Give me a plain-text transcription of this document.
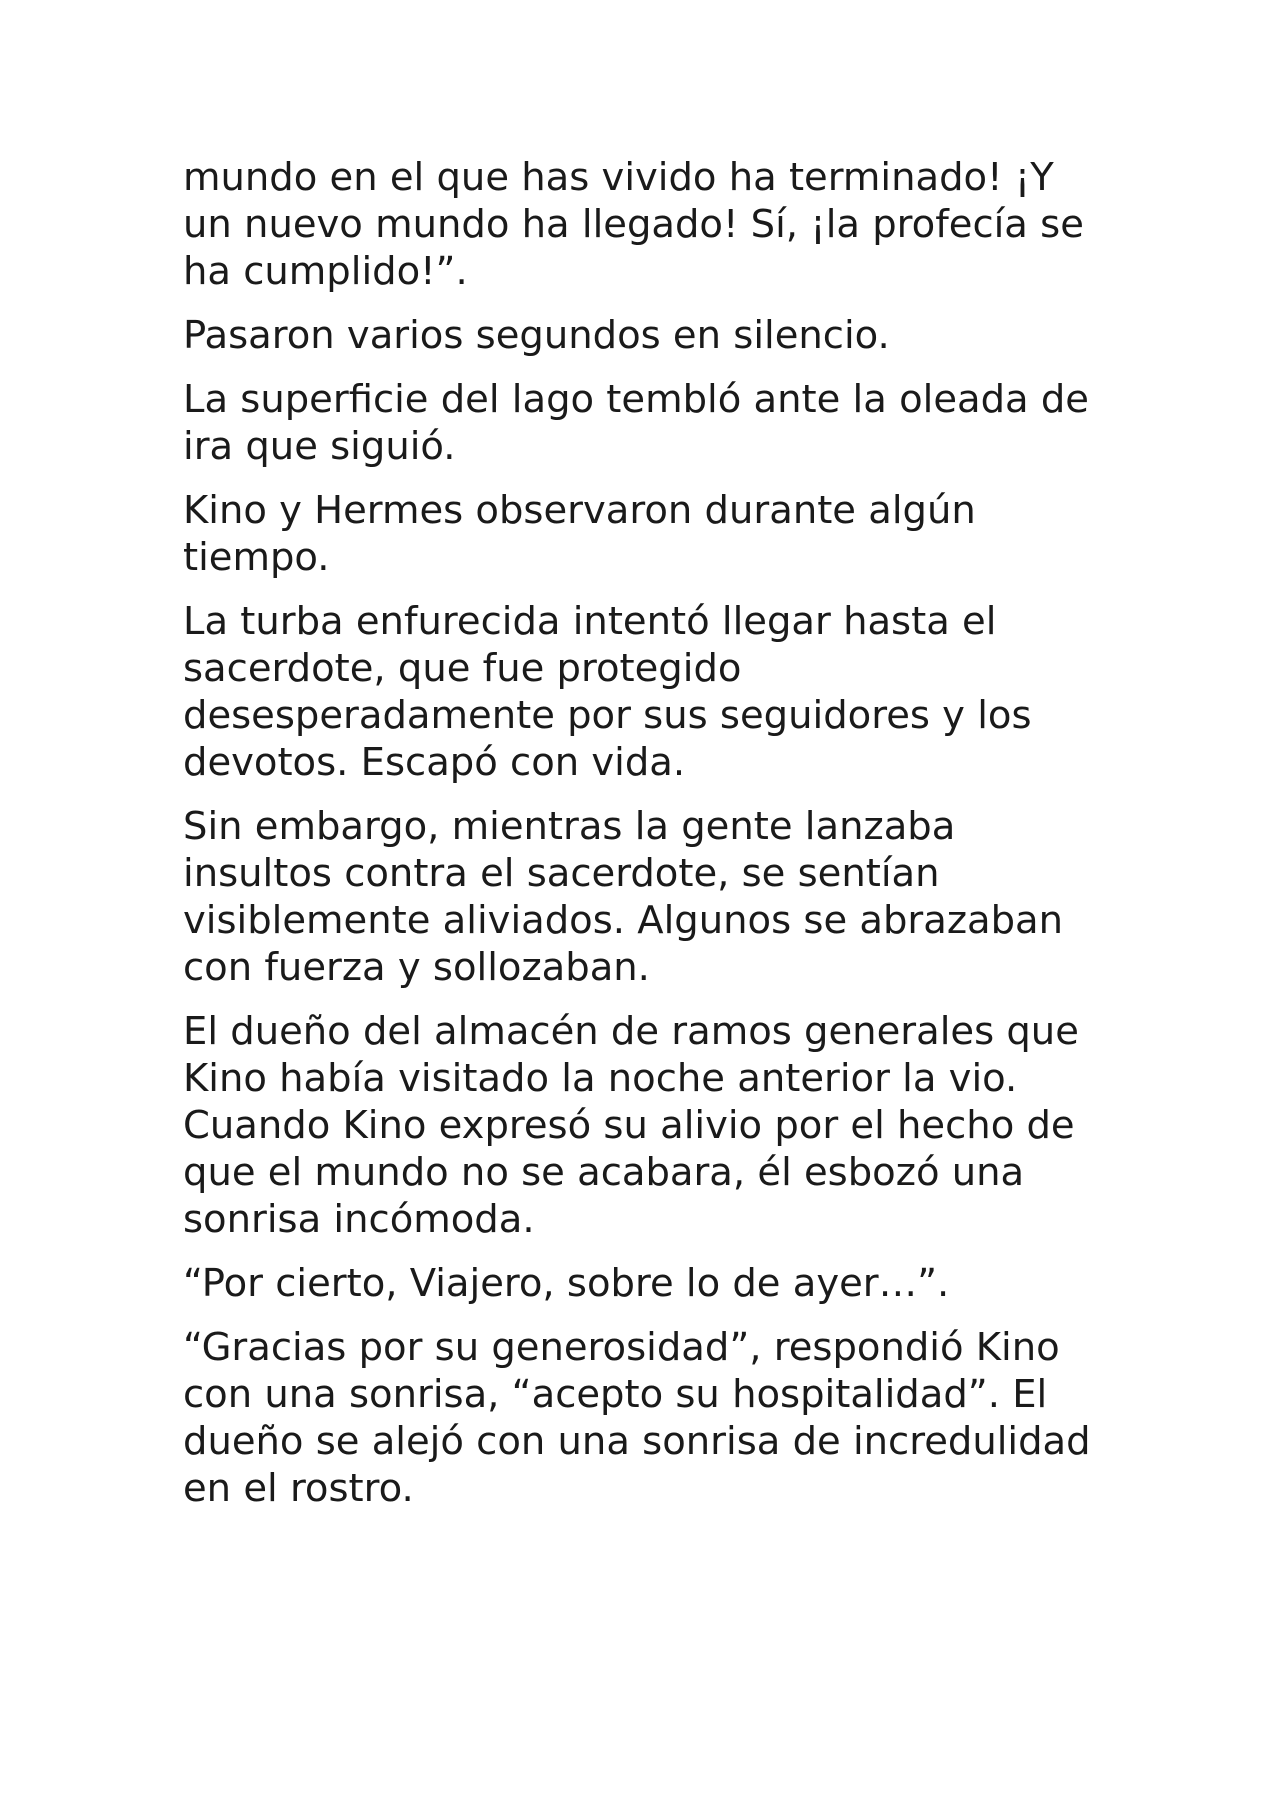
mundo en el que has vivido ha terminado! ¡Y
un nuevo mundo ha llegado! Sí, ¡la profecía se
ha cumplido!”.

Pasaron varios segundos en silencio.

La superficie del lago tembló ante la oleada de
ira que siguió.

Kino y Hermes observaron durante algún
tiempo.

La turba enfurecida intentó llegar hasta el
sacerdote, que fue protegido
desesperadamente por sus seguidores y los
devotos. Escapó con vida.

Sin embargo, mientras la gente lanzaba
insultos contra el sacerdote, se sentían
visiblemente aliviados. Algunos se abrazaban
con fuerza y sollozaban.

El dueño del almacén de ramos generales que
Kino había visitado la noche anterior la vio.
Cuando Kino expresó su alivio por el hecho de
que el mundo no se acabara, él esbozó una
sonrisa incómoda.

“Por cierto, Viajero, sobre lo de ayer…”.

“Gracias por su generosidad”, respondió Kino
con una sonrisa, “acepto su hospitalidad”. El
dueño se alejó con una sonrisa de incredulidad
en el rostro.
